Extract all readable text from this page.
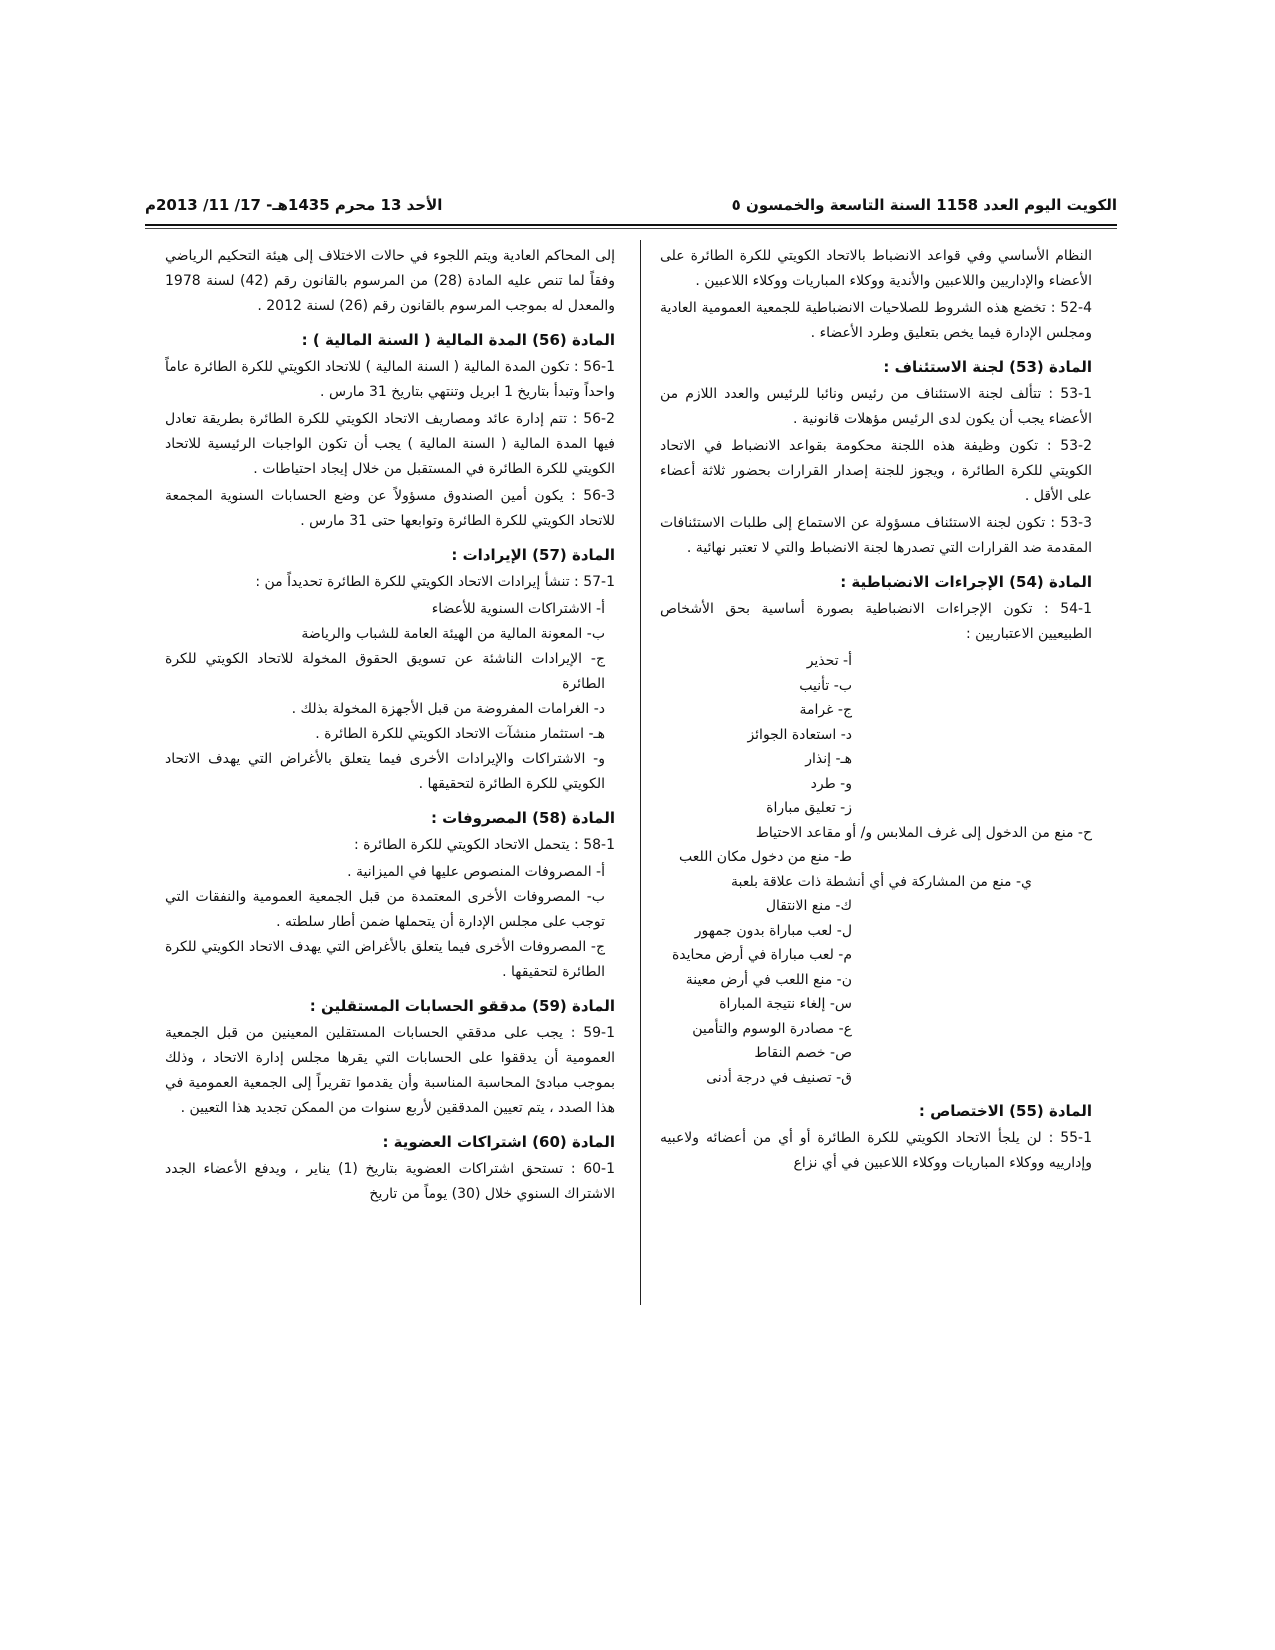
الكويت اليوم العدد 1158 السنة التاسعة والخمسون ٥
الأحد 13 محرم 1435هـ- 17/ 11/ 2013م

النظام الأساسي وفي قواعد الانضباط بالاتحاد الكويتي للكرة الطائرة على الأعضاء والإداريين واللاعبين والأندية ووكلاء المباريات ووكلاء اللاعبين .

52-4 : تخضع هذه الشروط للصلاحيات الانضباطية للجمعية العمومية العادية ومجلس الإدارة فيما يخص بتعليق وطرد الأعضاء .

المادة (53) لجنة الاستئناف :

53-1 : تتألف لجنة الاستئناف من رئيس ونائبا للرئيس والعدد اللازم من الأعضاء يجب أن يكون لدى الرئيس مؤهلات قانونية .

53-2 : تكون وظيفة هذه اللجنة محكومة بقواعد الانضباط في الاتحاد الكويتي للكرة الطائرة ، ويجوز للجنة إصدار القرارات بحضور ثلاثة أعضاء على الأقل .

53-3 : تكون لجنة الاستئناف مسؤولة عن الاستماع إلى طلبات الاستئنافات المقدمة ضد القرارات التي تصدرها لجنة الانضباط والتي لا تعتبر نهائية .

المادة (54) الإجراءات الانضباطية :

54-1 : تكون الإجراءات الانضباطية بصورة أساسية بحق الأشخاص الطبيعيين الاعتباريين :

أ- تحذير

ب- تأنيب

ج- غرامة

د- استعادة الجوائز

هـ- إنذار

و- طرد

ز- تعليق مباراة

ح- منع من الدخول إلى غرف الملابس و/ أو مقاعد الاحتياط

ط- منع من دخول مكان اللعب

ي- منع من المشاركة في أي أنشطة ذات علاقة بلعبة

ك- منع الانتقال

ل- لعب مباراة بدون جمهور

م- لعب مباراة في أرض محايدة

ن- منع اللعب في أرض معينة

س- إلغاء نتيجة المباراة

ع- مصادرة الوسوم والتأمين

ص- خصم النقاط

ق- تصنيف في درجة أدنى

المادة (55) الاختصاص :

55-1 : لن يلجأ الاتحاد الكويتي للكرة الطائرة أو أي من أعضائه ولاعبيه وإدارييه ووكلاء المباريات ووكلاء اللاعبين في أي نزاع

إلى المحاكم العادية ويتم اللجوء في حالات الاختلاف إلى هيئة التحكيم الرياضي وفقاً لما تنص عليه المادة (28) من المرسوم بالقانون رقم (42) لسنة 1978 والمعدل له بموجب المرسوم بالقانون رقم (26) لسنة 2012 .

المادة (56) المدة المالية ( السنة المالية ) :

56-1 : تكون المدة المالية ( السنة المالية ) للاتحاد الكويتي للكرة الطائرة عاماً واحداً وتبدأ بتاريخ 1 ابريل وتنتهي بتاريخ 31 مارس .

56-2 : تتم إدارة عائد ومصاريف الاتحاد الكويتي للكرة الطائرة بطريقة تعادل فيها المدة المالية ( السنة المالية ) يجب أن تكون الواجبات الرئيسية للاتحاد الكويتي للكرة الطائرة في المستقبل من خلال إيجاد احتياطات .

56-3 : يكون أمين الصندوق مسؤولاً عن وضع الحسابات السنوية المجمعة للاتحاد الكويتي للكرة الطائرة وتوابعها حتى 31 مارس .

المادة (57) الإيرادات :

57-1 : تنشأ إيرادات الاتحاد الكويتي للكرة الطائرة تحديداً من :

أ- الاشتراكات السنوية للأعضاء

ب- المعونة المالية من الهيئة العامة للشباب والرياضة

ج- الإيرادات الناشئة عن تسويق الحقوق المخولة للاتحاد الكويتي للكرة الطائرة

د- الغرامات المفروضة من قبل الأجهزة المخولة بذلك .

هـ- استثمار منشآت الاتحاد الكويتي للكرة الطائرة .

و- الاشتراكات والإيرادات الأخرى فيما يتعلق بالأغراض التي يهدف الاتحاد الكويتي للكرة الطائرة لتحقيقها .

المادة (58) المصروفات :

58-1 : يتحمل الاتحاد الكويتي للكرة الطائرة :

أ- المصروفات المنصوص عليها في الميزانية .

ب- المصروفات الأخرى المعتمدة من قبل الجمعية العمومية والنفقات التي توجب على مجلس الإدارة أن يتحملها ضمن أطار سلطته .

ج- المصروفات الأخرى فيما يتعلق بالأغراض التي يهدف الاتحاد الكويتي للكرة الطائرة لتحقيقها .

المادة (59) مدققو الحسابات المستقلين :

59-1 : يجب على مدققي الحسابات المستقلين المعينين من قبل الجمعية العمومية أن يدققوا على الحسابات التي يقرها مجلس إدارة الاتحاد ، وذلك بموجب مبادئ المحاسبة المناسبة وأن يقدموا تقريراً إلى الجمعية العمومية في هذا الصدد ، يتم تعيين المدققين لأربع سنوات من الممكن تجديد هذا التعيين .

المادة (60) اشتراكات العضوية :

60-1 : تستحق اشتراكات العضوية بتاريخ (1) يناير ، ويدفع الأعضاء الجدد الاشتراك السنوي خلال (30) يوماً من تاريخ
